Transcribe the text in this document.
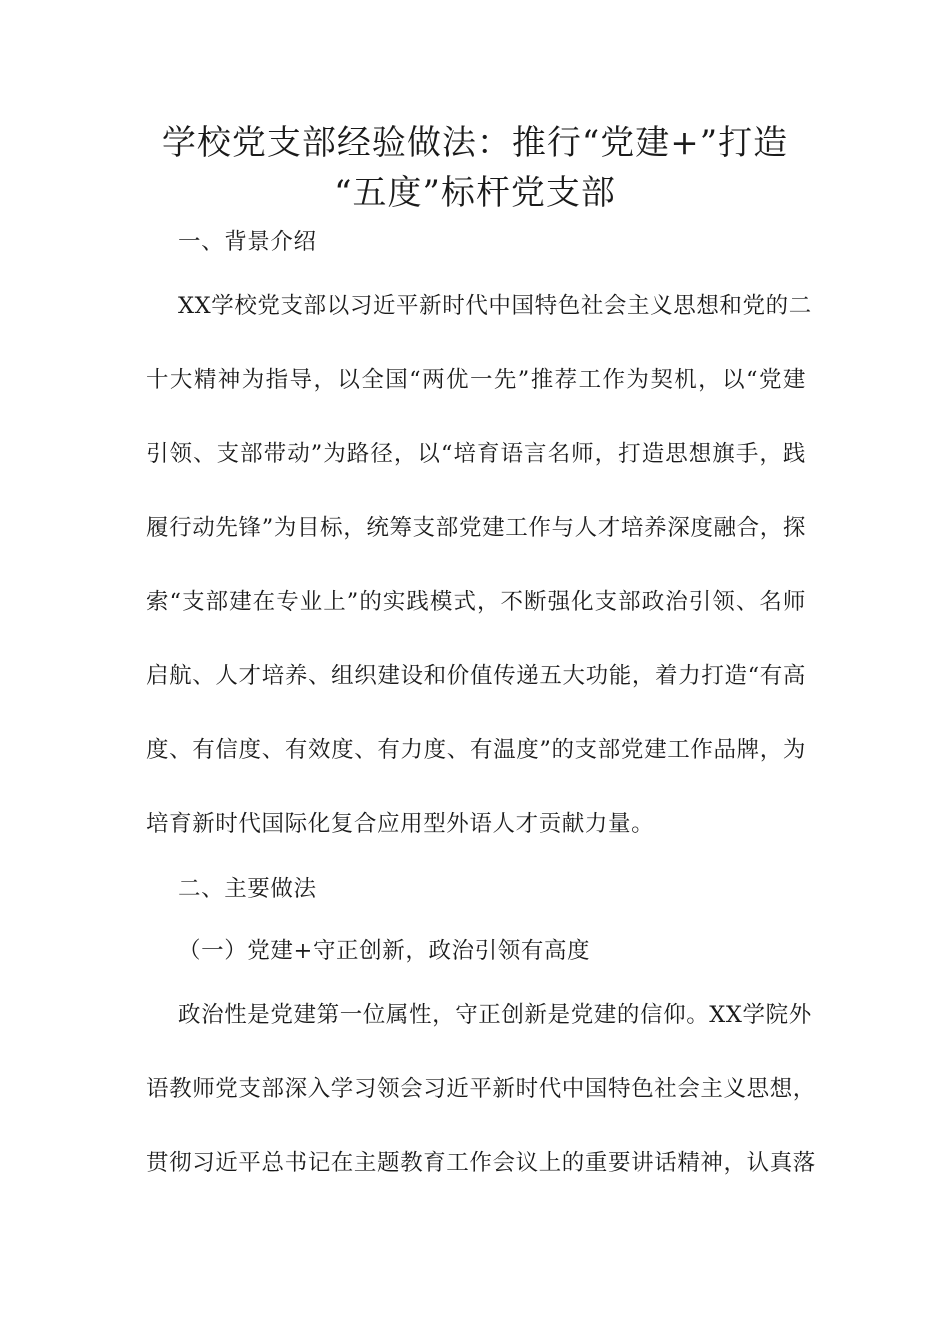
学校党支部经验做法：推行“党建+”打造
“五度”标杆党支部
一、背景介绍
XX学校党支部以习近平新时代中国特色社会主义思想和党的二
十大精神为指导，以全国“两优一先”推荐工作为契机，以“党建
引领、支部带动”为路径，以“培育语言名师，打造思想旗手，践
履行动先锋”为目标，统筹支部党建工作与人才培养深度融合，探
索“支部建在专业上”的实践模式，不断强化支部政治引领、名师
启航、人才培养、组织建设和价值传递五大功能，着力打造“有高
度、有信度、有效度、有力度、有温度”的支部党建工作品牌，为
培育新时代国际化复合应用型外语人才贡献力量。
二、主要做法
（一）党建+守正创新，政治引领有高度
政治性是党建第一位属性，守正创新是党建的信仰。XX学院外
语教师党支部深入学习领会习近平新时代中国特色社会主义思想，
贯彻习近平总书记在主题教育工作会议上的重要讲话精神，认真落
